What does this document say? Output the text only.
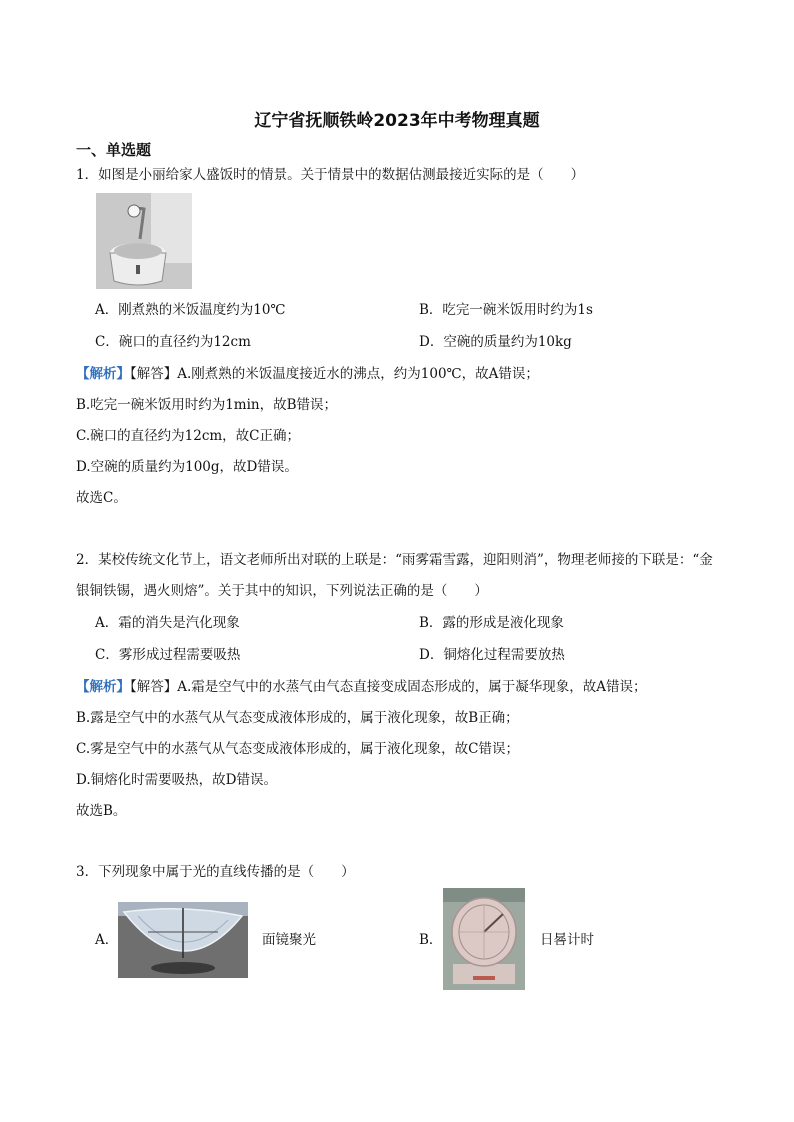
辽宁省抚顺铁岭2023年中考物理真题
一、单选题
1．如图是小丽给家人盛饭时的情景。关于情景中的数据估测最接近实际的是（　　）
A．刚煮熟的米饭温度约为10℃	B．吃完一碗米饭用时约为1s
C．碗口的直径约为12cm	D．空碗的质量约为10kg
【解析】【解答】A.刚煮熟的米饭温度接近水的沸点，约为100℃，故A错误；
B.吃完一碗米饭用时约为1min，故B错误；
C.碗口的直径约为12cm，故C正确；
D.空碗的质量约为100g，故D错误。
故选C。
2．某校传统文化节上，语文老师所出对联的上联是：“雨雾霜雪露，迎阳则消”，物理老师接的下联是：“金
银铜铁锡，遇火则熔”。关于其中的知识，下列说法正确的是（　　）
A．霜的消失是汽化现象	B．露的形成是液化现象
C．雾形成过程需要吸热	D．铜熔化过程需要放热
【解析】【解答】A.霜是空气中的水蒸气由气态直接变成固态形成的，属于凝华现象，故A错误；
B.露是空气中的水蒸气从气态变成液体形成的，属于液化现象，故B正确；
C.雾是空气中的水蒸气从气态变成液体形成的，属于液化现象，故C错误；
D.铜熔化时需要吸热，故D错误。
故选B。
3．下列现象中属于光的直线传播的是（　　）
A．	面镜聚光	B．	日晷计时
